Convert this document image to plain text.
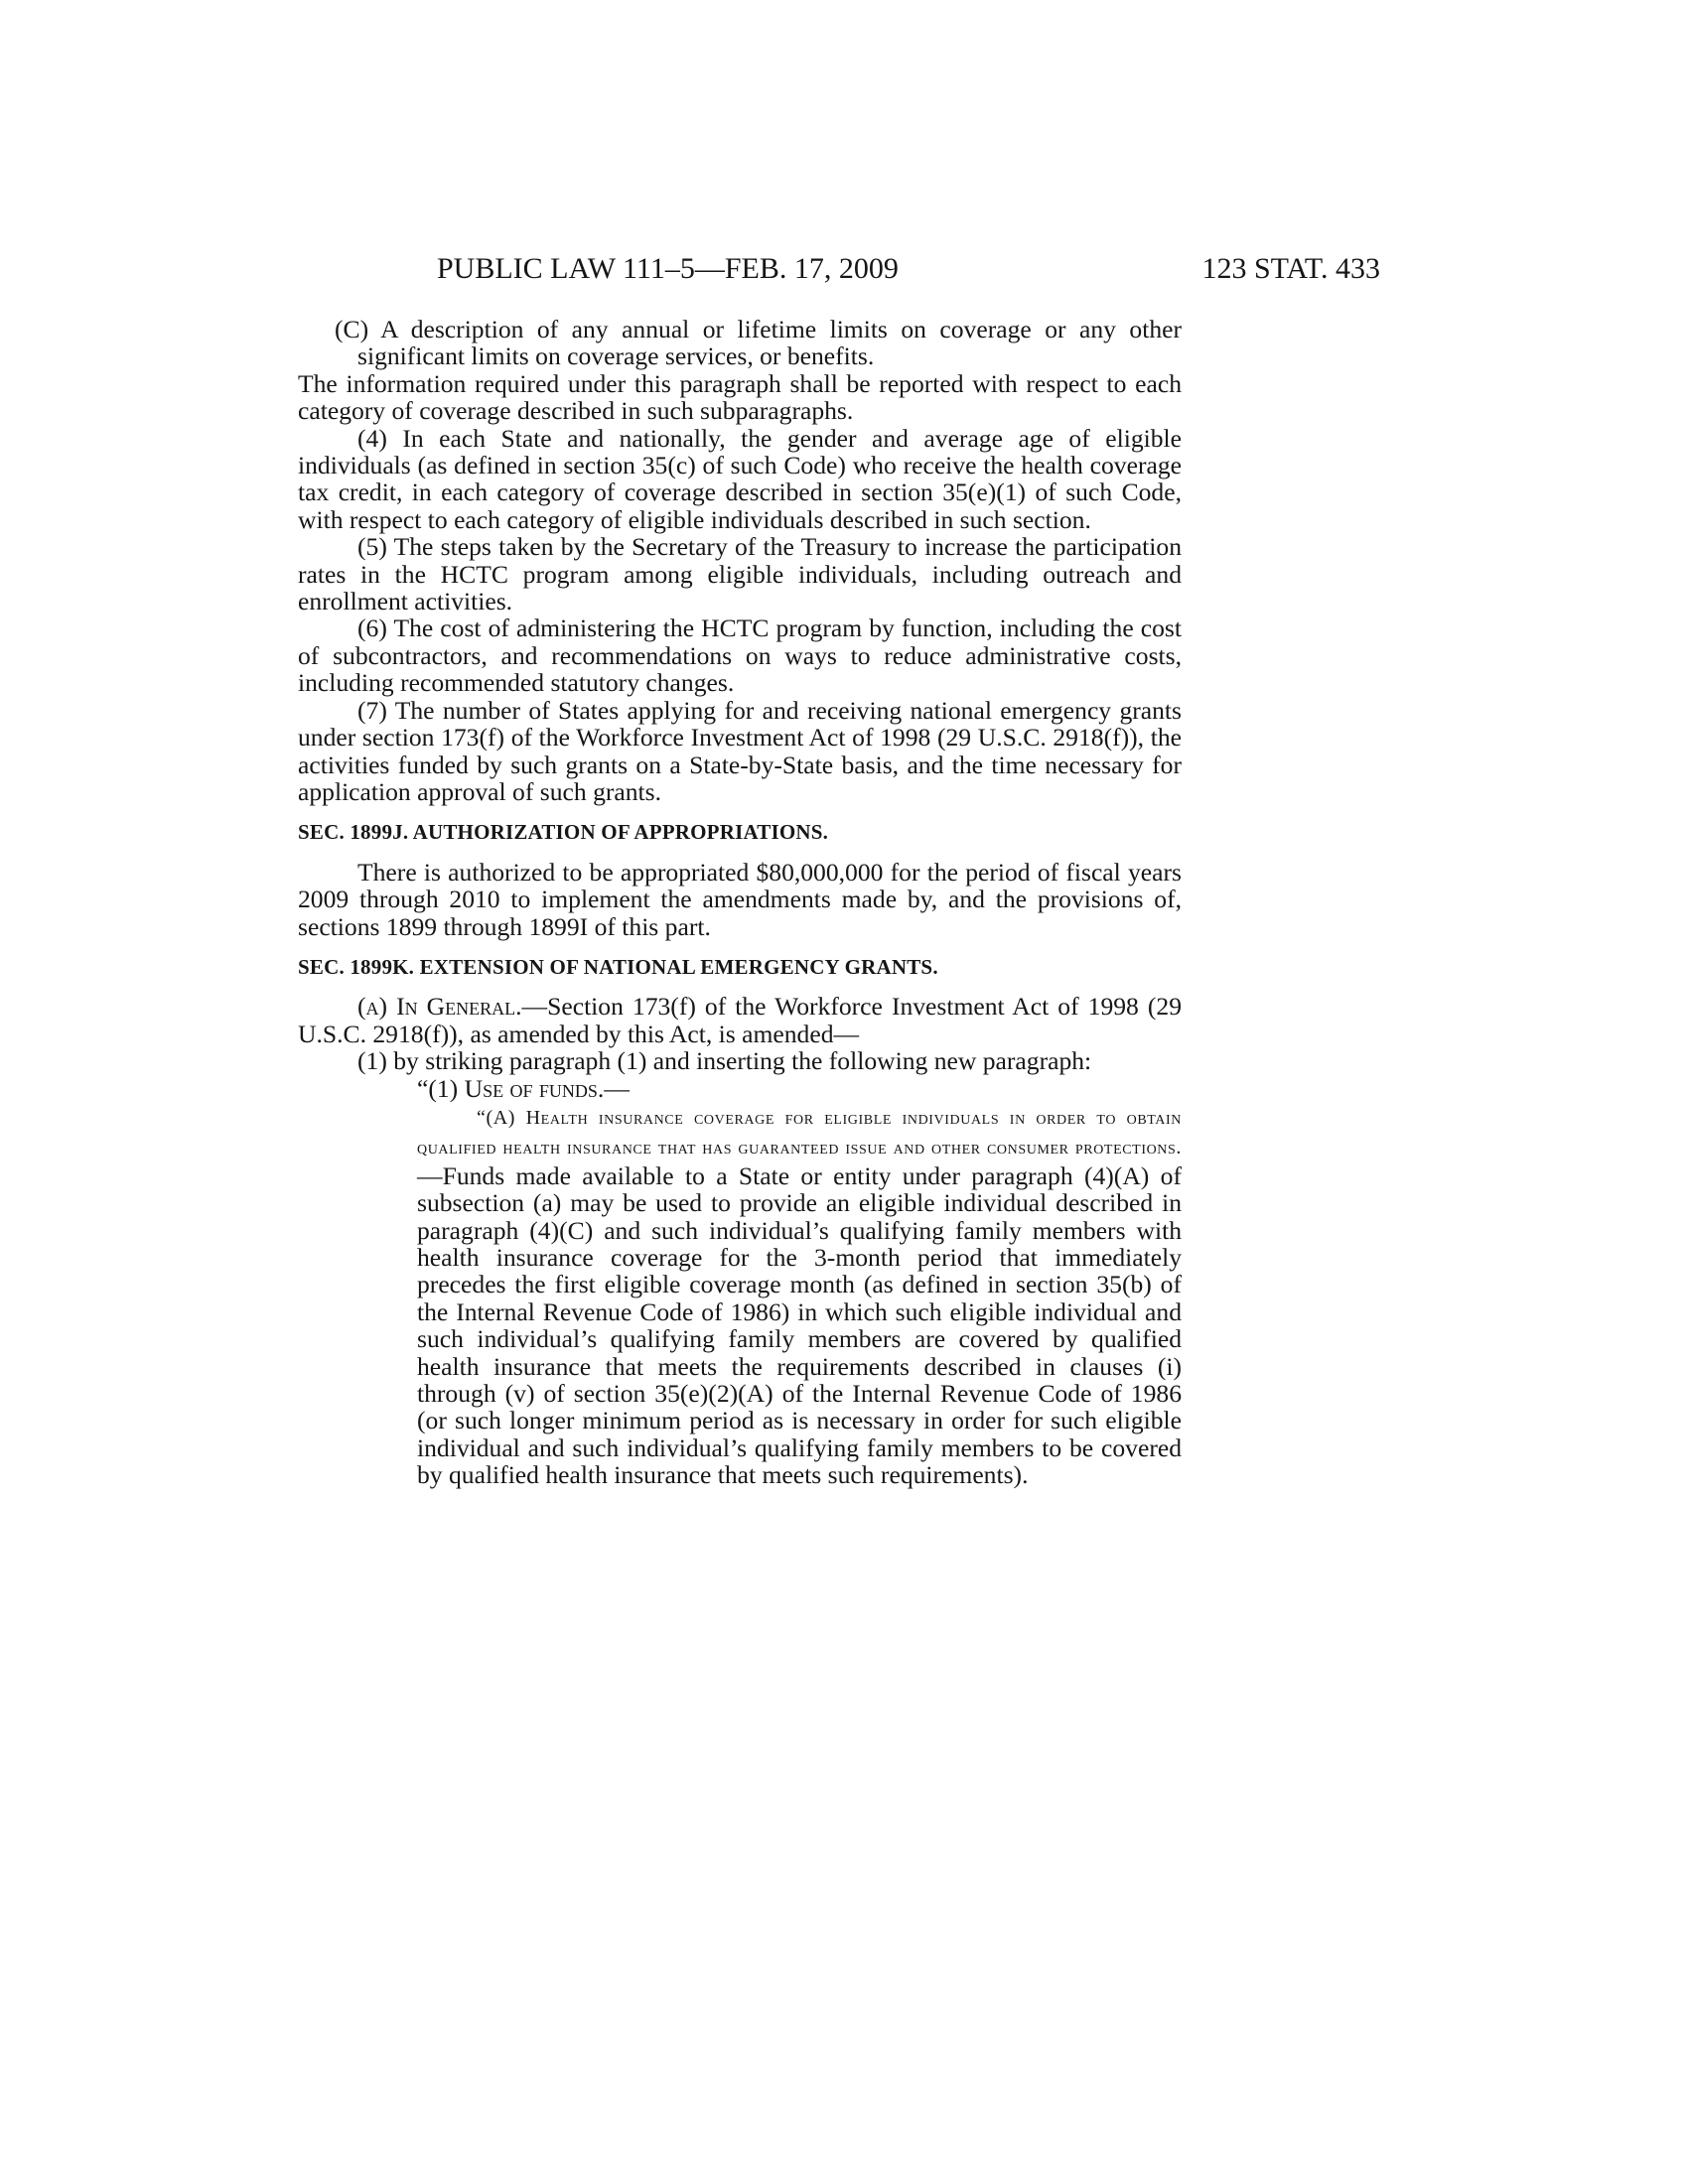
PUBLIC LAW 111–5—FEB. 17, 2009	123 STAT. 433

(C) A description of any annual or lifetime limits on coverage or any other significant limits on coverage services, or benefits.

The information required under this paragraph shall be reported with respect to each category of coverage described in such subparagraphs.

(4) In each State and nationally, the gender and average age of eligible individuals (as defined in section 35(c) of such Code) who receive the health coverage tax credit, in each category of coverage described in section 35(e)(1) of such Code, with respect to each category of eligible individuals described in such section.

(5) The steps taken by the Secretary of the Treasury to increase the participation rates in the HCTC program among eligible individuals, including outreach and enrollment activities.

(6) The cost of administering the HCTC program by function, including the cost of subcontractors, and recommendations on ways to reduce administrative costs, including recommended statutory changes.

(7) The number of States applying for and receiving national emergency grants under section 173(f) of the Workforce Investment Act of 1998 (29 U.S.C. 2918(f)), the activities funded by such grants on a State-by-State basis, and the time necessary for application approval of such grants.

SEC. 1899J. AUTHORIZATION OF APPROPRIATIONS.

There is authorized to be appropriated $80,000,000 for the period of fiscal years 2009 through 2010 to implement the amendments made by, and the provisions of, sections 1899 through 1899I of this part.

SEC. 1899K. EXTENSION OF NATIONAL EMERGENCY GRANTS.

(a) In General.—Section 173(f) of the Workforce Investment Act of 1998 (29 U.S.C. 2918(f)), as amended by this Act, is amended—

(1) by striking paragraph (1) and inserting the following new paragraph:

“(1) Use of funds.—

“(A) Health insurance coverage for eligible individuals in order to obtain qualified health insurance that has guaranteed issue and other consumer protections.—Funds made available to a State or entity under paragraph (4)(A) of subsection (a) may be used to provide an eligible individual described in paragraph (4)(C) and such individual’s qualifying family members with health insurance coverage for the 3-month period that immediately precedes the first eligible coverage month (as defined in section 35(b) of the Internal Revenue Code of 1986) in which such eligible individual and such individual’s qualifying family members are covered by qualified health insurance that meets the requirements described in clauses (i) through (v) of section 35(e)(2)(A) of the Internal Revenue Code of 1986 (or such longer minimum period as is necessary in order for such eligible individual and such individual’s qualifying family members to be covered by qualified health insurance that meets such requirements).
